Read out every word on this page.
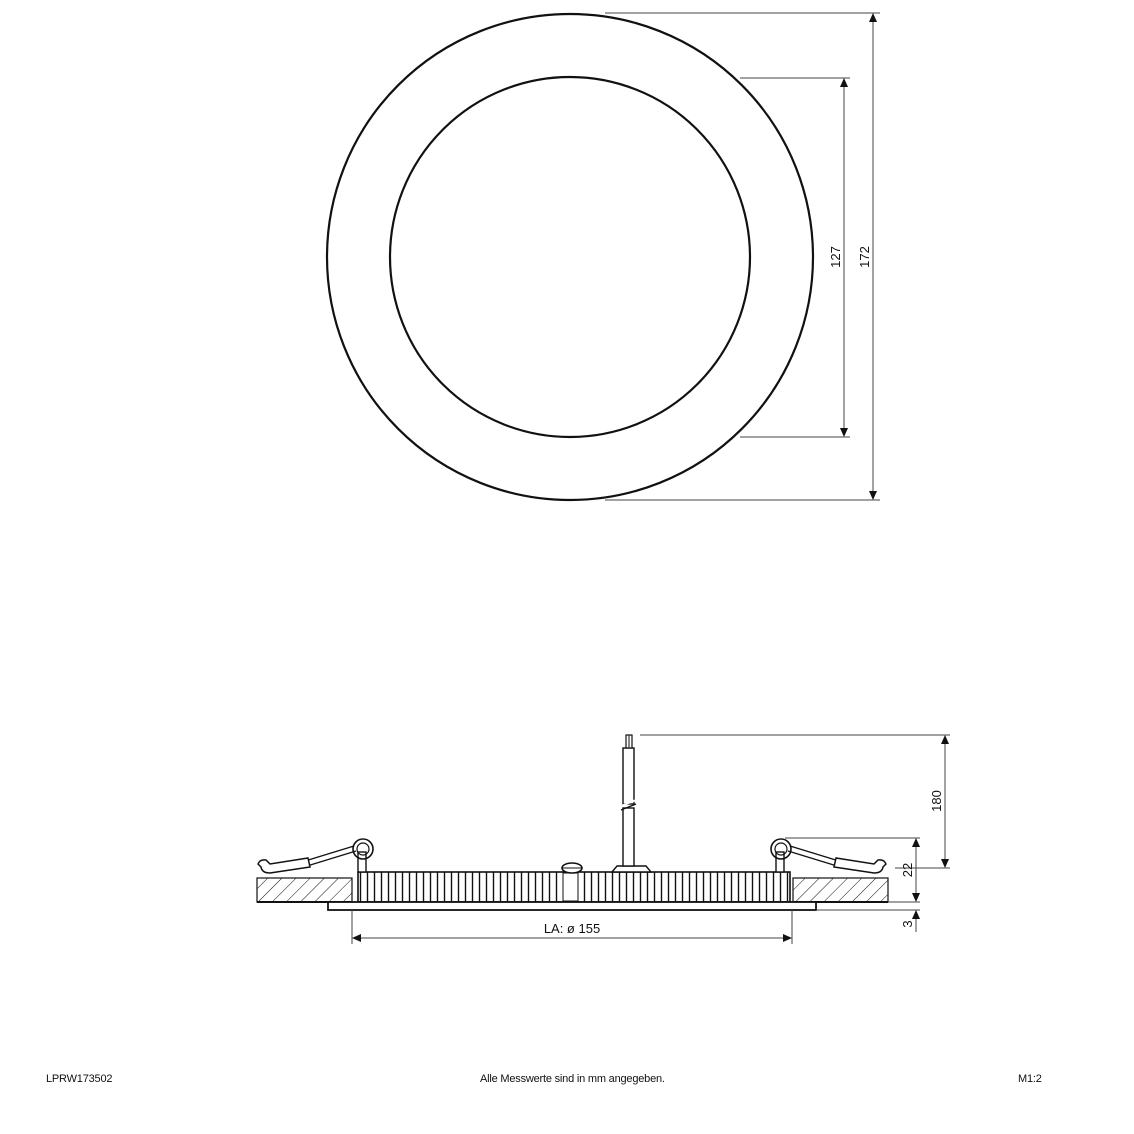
127 172
180
22
3
LA: ø 155
LPRW173502	Alle Messwerte sind in mm angegeben.	M1:2
